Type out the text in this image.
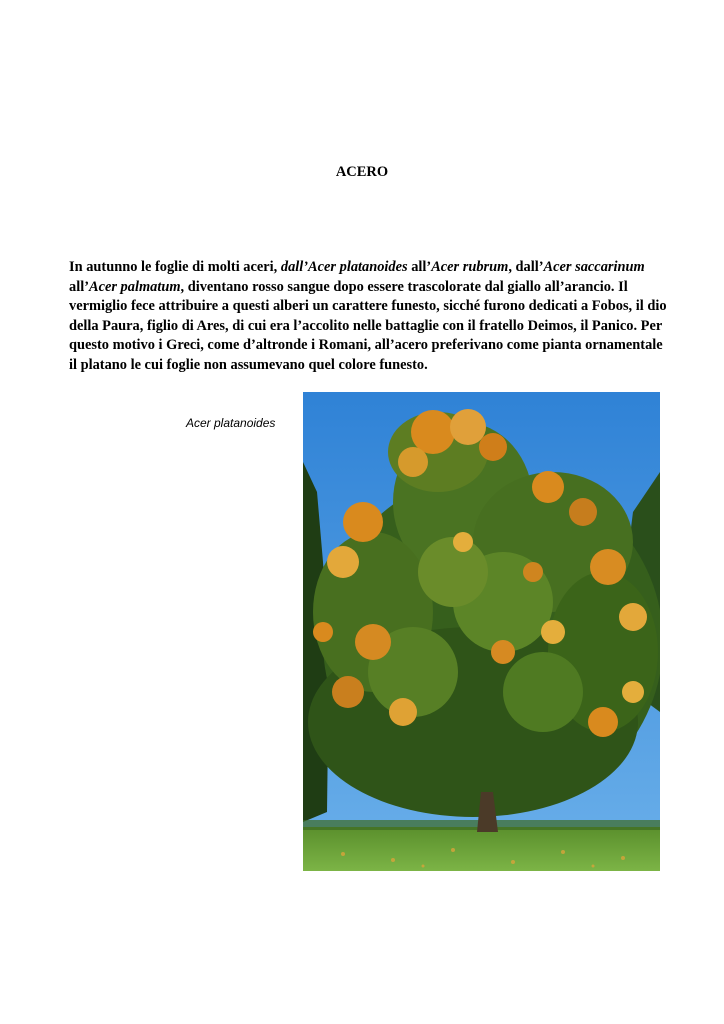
ACERO

In autunno le foglie di molti aceri, dall’Acer platanoides all’Acer rubrum, dall’Acer saccarinum
all’Acer palmatum, diventano rosso sangue dopo essere trascolorate dal giallo all’arancio. Il vermiglio fece attribuire a questi alberi un carattere funesto, sicché furono dedicati a Fobos, il dio della Paura, figlio di Ares, di cui era l’accolito nelle battaglie con il fratello Deimos, il Panico. Per questo motivo i Greci, come d’altronde i Romani, all’acero preferivano come pianta ornamentale il platano le cui foglie non assumevano quel colore funesto.

Acer platanoides
